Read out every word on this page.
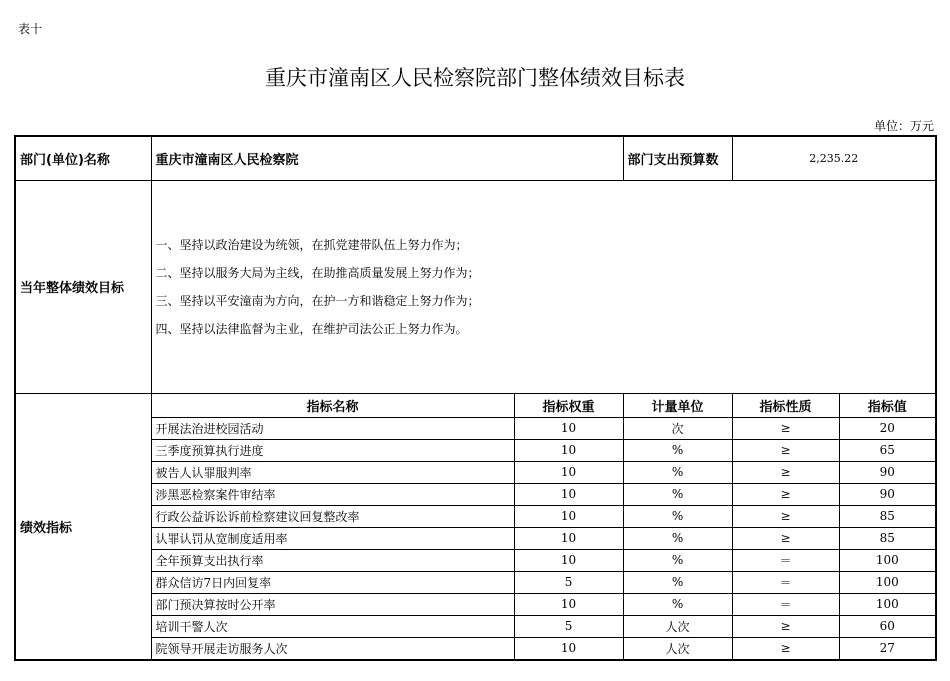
表十
重庆市潼南区人民检察院部门整体绩效目标表
单位：万元
部门(单位)名称	重庆市潼南区人民检察院		部门支出预算数	2,235.22	
当年整体绩效目标	一、坚持以政治建设为统领，在抓党建带队伍上努力作为；

二、坚持以服务大局为主线，在助推高质量发展上努力作为；

三、坚持以平安潼南为方向，在护一方和谐稳定上努力作为；

四、坚持以法律监督为主业，在维护司法公正上努力作为。				

绩效指标	指标名称	指标权重	计量单位	指标性质	指标值
	开展法治进校园活动	10	次	≥	20
	三季度预算执行进度	10	%	≥	65
	被告人认罪服判率	10	%	≥	90
	涉黑恶检察案件审结率	10	%	≥	90
	行政公益诉讼诉前检察建议回复整改率	10	%	≥	85
	认罪认罚从宽制度适用率	10	%	≥	85
	全年预算支出执行率	10	%	＝	100
	群众信访7日内回复率	5	%	＝	100
	部门预决算按时公开率	10	%	＝	100
	培训干警人次	5	人次	≥	60
	院领导开展走访服务人次	10	人次	≥	27
